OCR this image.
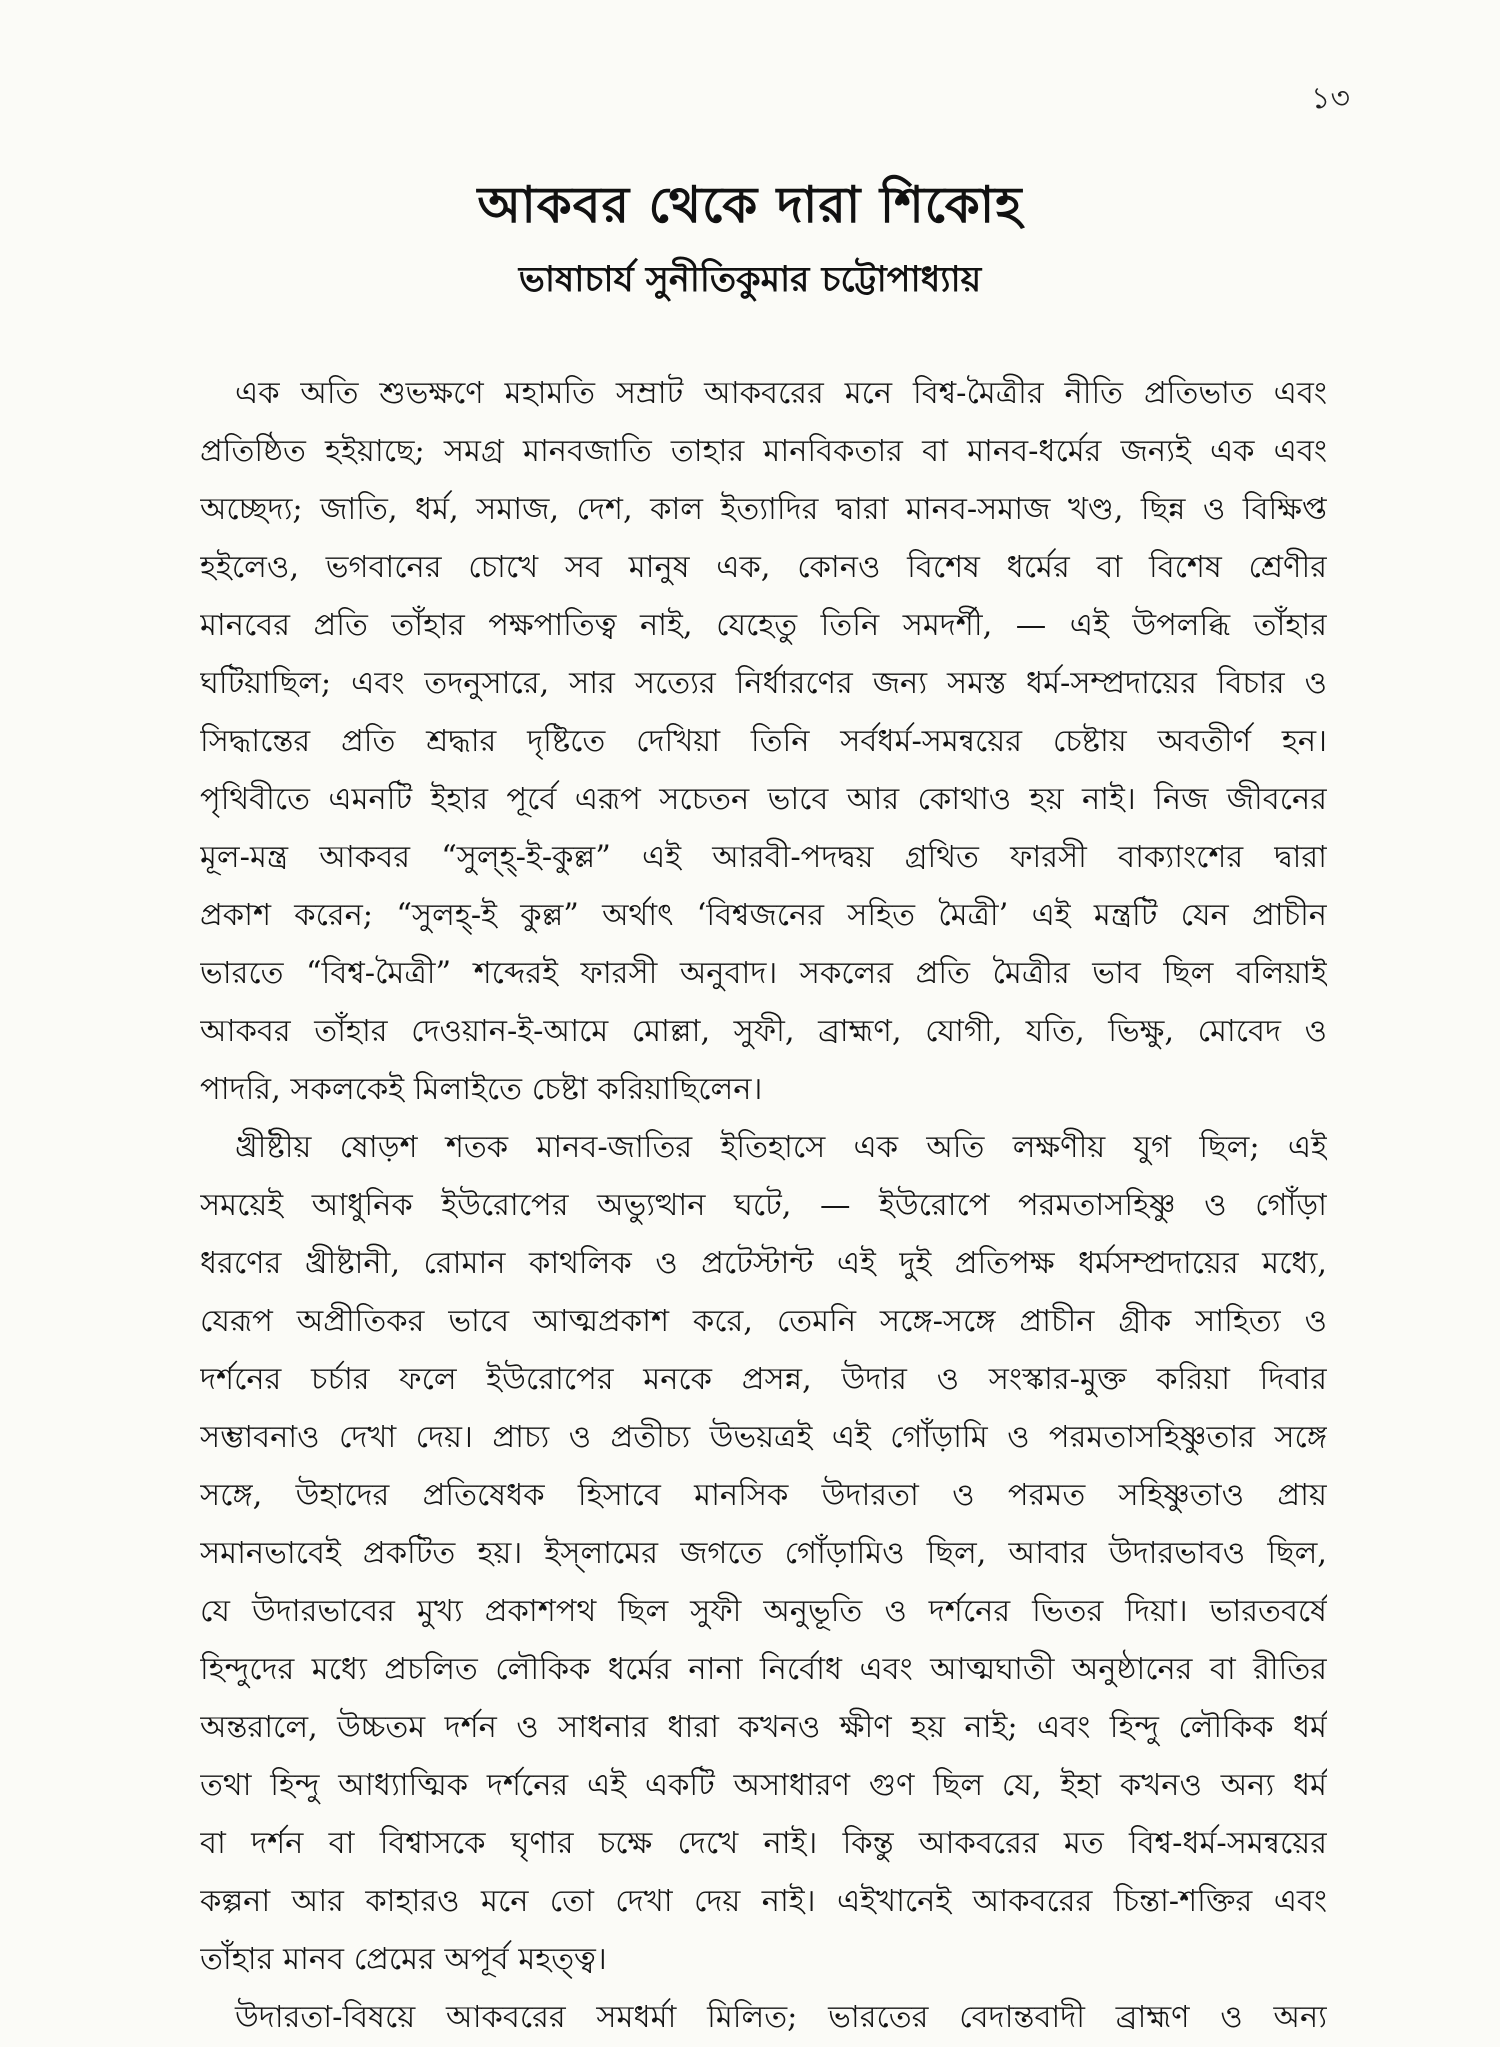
১৩
আকবর থেকে দারা শিকোহ
ভাষাচার্য সুনীতিকুমার চট্টোপাধ্যায়
এক অতি শুভক্ষণে মহামতি সম্রাট আকবরের মনে বিশ্ব-মৈত্রীর নীতি প্রতিভাত এবং
প্রতিষ্ঠিত হইয়াছে; সমগ্র মানবজাতি তাহার মানবিকতার বা মানব-ধর্মের জন্যই এক এবং
অচ্ছেদ্য; জাতি, ধর্ম, সমাজ, দেশ, কাল ইত্যাদির দ্বারা মানব-সমাজ খণ্ড, ছিন্ন ও বিক্ষিপ্ত
হইলেও, ভগবানের চোখে সব মানুষ এক, কোনও বিশেষ ধর্মের বা বিশেষ শ্রেণীর
মানবের প্রতি তাঁহার পক্ষপাতিত্ব নাই, যেহেতু তিনি সমদর্শী, — এই উপলব্ধি তাঁহার
ঘটিয়াছিল; এবং তদনুসারে, সার সত্যের নির্ধারণের জন্য সমস্ত ধর্ম-সম্প্রদায়ের বিচার ও
সিদ্ধান্তের প্রতি শ্রদ্ধার দৃষ্টিতে দেখিয়া তিনি সর্বধর্ম-সমন্বয়ের চেষ্টায় অবতীর্ণ হন।
পৃথিবীতে এমনটি ইহার পূর্বে এরূপ সচেতন ভাবে আর কোথাও হয় নাই। নিজ জীবনের
মূল-মন্ত্র আকবর “সুল্‌হ্‌-ই-কুল্ল” এই আরবী-পদদ্বয় গ্রথিত ফারসী বাক্যাংশের দ্বারা
প্রকাশ করেন; “সুলহ্‌-ই কুল্ল” অর্থাৎ ‘বিশ্বজনের সহিত মৈত্রী’ এই মন্ত্রটি যেন প্রাচীন
ভারতে “বিশ্ব-মৈত্রী” শব্দেরই ফারসী অনুবাদ। সকলের প্রতি মৈত্রীর ভাব ছিল বলিয়াই
আকবর তাঁহার দেওয়ান-ই-আমে মোল্লা, সুফী, ব্রাহ্মণ, যোগী, যতি, ভিক্ষু, মোবেদ ও
পাদরি, সকলকেই মিলাইতে চেষ্টা করিয়াছিলেন।
খ্রীষ্টীয় ষোড়শ শতক মানব-জাতির ইতিহাসে এক অতি লক্ষণীয় যুগ ছিল; এই
সময়েই আধুনিক ইউরোপের অভ্যুত্থান ঘটে, — ইউরোপে পরমতাসহিষ্ণু ও গোঁড়া
ধরণের খ্রীষ্টানী, রোমান কাথলিক ও প্রটেস্টান্ট এই দুই প্রতিপক্ষ ধর্মসম্প্রদায়ের মধ্যে,
যেরূপ অপ্রীতিকর ভাবে আত্মপ্রকাশ করে, তেমনি সঙ্গে-সঙ্গে প্রাচীন গ্রীক সাহিত্য ও
দর্শনের চর্চার ফলে ইউরোপের মনকে প্রসন্ন, উদার ও সংস্কার-মুক্ত করিয়া দিবার
সম্ভাবনাও দেখা দেয়। প্রাচ্য ও প্রতীচ্য উভয়ত্রই এই গোঁড়ামি ও পরমতাসহিষ্ণুতার সঙ্গে
সঙ্গে, উহাদের প্রতিষেধক হিসাবে মানসিক উদারতা ও পরমত সহিষ্ণুতাও প্রায়
সমানভাবেই প্রকটিত হয়। ইস্‌লামের জগতে গোঁড়ামিও ছিল, আবার উদারভাবও ছিল,
যে উদারভাবের মুখ্য প্রকাশপথ ছিল সুফী অনুভূতি ও দর্শনের ভিতর দিয়া। ভারতবর্ষে
হিন্দুদের মধ্যে প্রচলিত লৌকিক ধর্মের নানা নির্বোধ এবং আত্মঘাতী অনুষ্ঠানের বা রীতির
অন্তরালে, উচ্চতম দর্শন ও সাধনার ধারা কখনও ক্ষীণ হয় নাই; এবং হিন্দু লৌকিক ধর্ম
তথা হিন্দু আধ্যাত্মিক দর্শনের এই একটি অসাধারণ গুণ ছিল যে, ইহা কখনও অন্য ধর্ম
বা দর্শন বা বিশ্বাসকে ঘৃণার চক্ষে দেখে নাই। কিন্তু আকবরের মত বিশ্ব-ধর্ম-সমন্বয়ের
কল্পনা আর কাহারও মনে তো দেখা দেয় নাই। এইখানেই আকবরের চিন্তা-শক্তির এবং
তাঁহার মানব প্রেমের অপূর্ব মহত্ত্ব।
উদারতা-বিষয়ে আকবরের সমধর্মা মিলিত; ভারতের বেদান্তবাদী ব্রাহ্মণ ও অন্য
